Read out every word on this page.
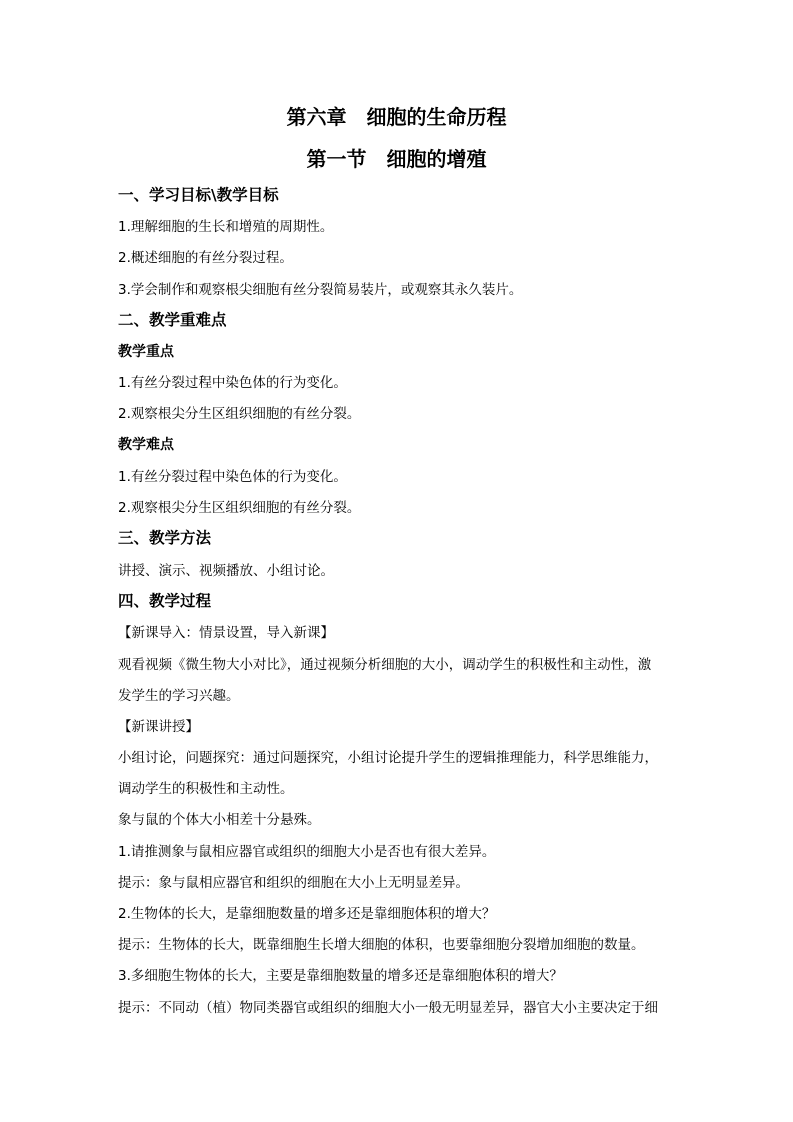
第六章　细胞的生命历程
第一节　细胞的增殖
一、学习目标\教学目标
1.理解细胞的生长和增殖的周期性。
2.概述细胞的有丝分裂过程。
3.学会制作和观察根尖细胞有丝分裂简易装片，或观察其永久装片。
二、教学重难点
教学重点
1.有丝分裂过程中染色体的行为变化。
2.观察根尖分生区组织细胞的有丝分裂。
教学难点
1.有丝分裂过程中染色体的行为变化。
2.观察根尖分生区组织细胞的有丝分裂。
三、教学方法
讲授、演示、视频播放、小组讨论。
四、教学过程
【新课导入：情景设置，导入新课】
观看视频《微生物大小对比》，通过视频分析细胞的大小，调动学生的积极性和主动性，激
发学生的学习兴趣。
【新课讲授】
小组讨论，问题探究：通过问题探究，小组讨论提升学生的逻辑推理能力，科学思维能力，
调动学生的积极性和主动性。
象与鼠的个体大小相差十分悬殊。
1.请推测象与鼠相应器官或组织的细胞大小是否也有很大差异。
提示：象与鼠相应器官和组织的细胞在大小上无明显差异。
2.生物体的长大，是靠细胞数量的增多还是靠细胞体积的增大？
提示：生物体的长大，既靠细胞生长增大细胞的体积，也要靠细胞分裂增加细胞的数量。
3.多细胞生物体的长大，主要是靠细胞数量的增多还是靠细胞体积的增大？
提示：不同动（植）物同类器官或组织的细胞大小一般无明显差异，器官大小主要决定于细
